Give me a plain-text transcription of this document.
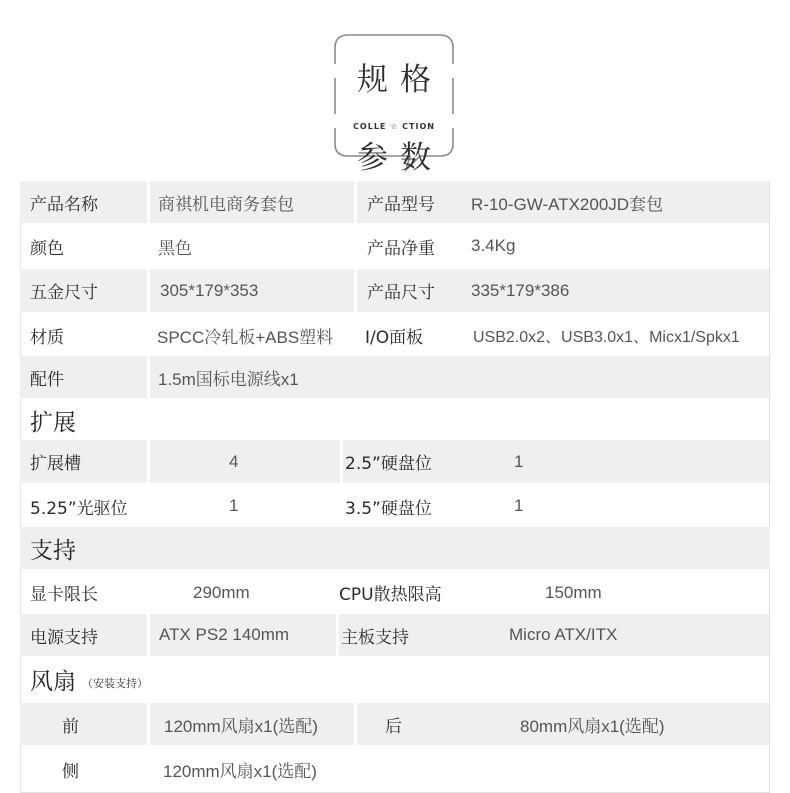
规格
COLLE ☆ CTION
参数
产品名称	商祺机电商务套包	产品型号	R-10-GW-ATX200JD套包
颜色	黑色	产品净重	3.4Kg
五金尺寸	305*179*353	产品尺寸	335*179*386
材质	SPCC冷轧板+ABS塑料	I/O面板	USB2.0x2、USB3.0x1、Micx1/Spkx1
配件	1.5m国标电源线x1
扩展
扩展槽	4	2.5”硬盘位	1
5.25”光驱位	1	3.5”硬盘位	1
支持
显卡限长	290mm	CPU散热限高	150mm
电源支持	ATX PS2 140mm	主板支持	Micro ATX/ITX
风扇 （安装支持）
前	120mm风扇x1(选配)	后	80mm风扇x1(选配)
侧	120mm风扇x1(选配)
